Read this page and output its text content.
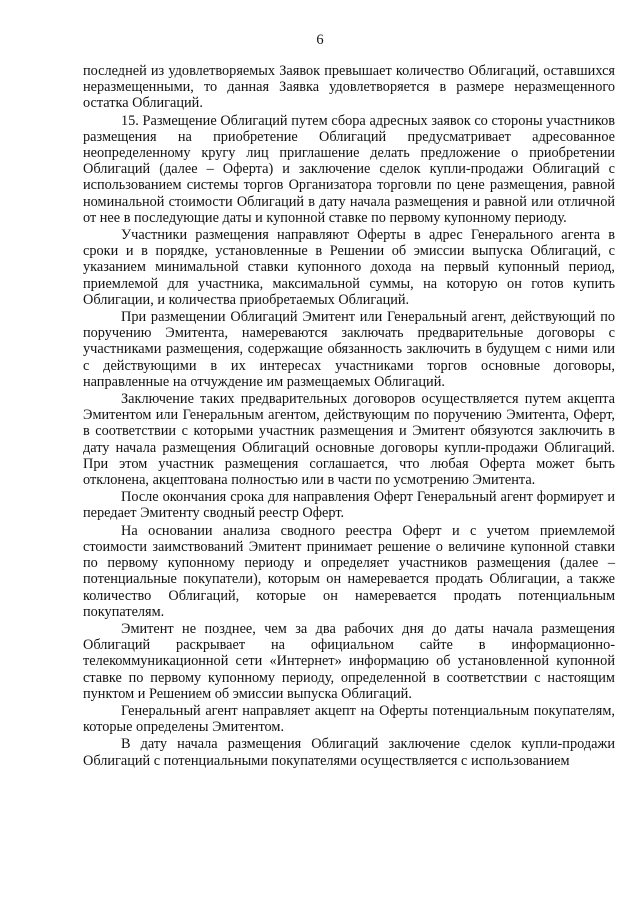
6

последней из удовлетворяемых Заявок превышает количество Облигаций, оставшихся неразмещенными, то данная Заявка удовлетворяется в размере неразмещенного остатка Облигаций.

15. Размещение Облигаций путем сбора адресных заявок со стороны участников размещения на приобретение Облигаций предусматривает адресованное неопределенному кругу лиц приглашение делать предложение о приобретении Облигаций (далее – Оферта) и заключение сделок купли-продажи Облигаций с использованием системы торгов Организатора торговли по цене размещения, равной номинальной стоимости Облигаций в дату начала размещения и равной или отличной от нее в последующие даты и купонной ставке по первому купонному периоду.

Участники размещения направляют Оферты в адрес Генерального агента в сроки и в порядке, установленные в Решении об эмиссии выпуска Облигаций, с указанием минимальной ставки купонного дохода на первый купонный период, приемлемой для участника, максимальной суммы, на которую он готов купить Облигации, и количества приобретаемых Облигаций.

При размещении Облигаций Эмитент или Генеральный агент, действующий по поручению Эмитента, намереваются заключать предварительные договоры с участниками размещения, содержащие обязанность заключить в будущем с ними или с действующими в их интересах участниками торгов основные договоры, направленные на отчуждение им размещаемых Облигаций.

Заключение таких предварительных договоров осуществляется путем акцепта Эмитентом или Генеральным агентом, действующим по поручению Эмитента, Оферт, в соответствии с которыми участник размещения и Эмитент обязуются заключить в дату начала размещения Облигаций основные договоры купли-продажи Облигаций. При этом участник размещения соглашается, что любая Оферта может быть отклонена, акцептована полностью или в части по усмотрению Эмитента.

После окончания срока для направления Оферт Генеральный агент формирует и передает Эмитенту сводный реестр Оферт.

На основании анализа сводного реестра Оферт и с учетом приемлемой стоимости заимствований Эмитент принимает решение о величине купонной ставки по первому купонному периоду и определяет участников размещения (далее – потенциальные покупатели), которым он намеревается продать Облигации, а также количество Облигаций, которые он намеревается продать потенциальным покупателям.

Эмитент не позднее, чем за два рабочих дня до даты начала размещения Облигаций раскрывает на официальном сайте в информационно-телекоммуникационной сети «Интернет» информацию об установленной купонной ставке по первому купонному периоду, определенной в соответствии с настоящим пунктом и Решением об эмиссии выпуска Облигаций.

Генеральный агент направляет акцепт на Оферты потенциальным покупателям, которые определены Эмитентом.

В дату начала размещения Облигаций заключение сделок купли-продажи Облигаций с потенциальными покупателями осуществляется с использованием
